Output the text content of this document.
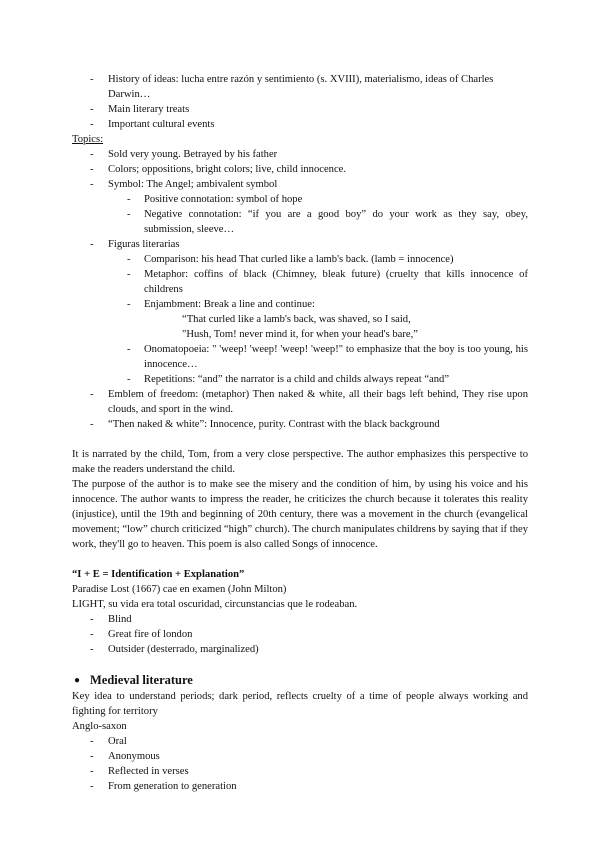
- History of ideas: lucha entre razón y sentimiento (s. XVIII), materialismo, ideas of Charles Darwin…
- Main literary treats
- Important cultural events
Topics:
- Sold very young. Betrayed by his father
- Colors; oppositions, bright colors; live, child innocence.
- Symbol: The Angel; ambivalent symbol
- Positive connotation: symbol of hope
- Negative connotation: “if you are a good boy” do your work as they say, obey, submission, sleeve…
- Figuras literarias
- Comparison: his head That curled like a lamb's back. (lamb = innocence)
- Metaphor: coffins of black (Chimney, bleak future) (cruelty that kills innocence of childrens
- Enjambment: Break a line and continue:
“That curled like a lamb's back, was shaved, so I said,
"Hush, Tom! never mind it, for when your head's bare,”
- Onomatopoeia: " 'weep! 'weep! 'weep! 'weep!" to emphasize that the boy is too young, his innocence…
- Repetitions: “and” the narrator is a child and childs always repeat “and”
- Emblem of freedom: (metaphor) Then naked & white, all their bags left behind, They rise upon clouds, and sport in the wind.
- “Then naked & white”: Innocence, purity. Contrast with the black background
It is narrated by the child, Tom, from a very close perspective. The author emphasizes this perspective to make the readers understand the child.
The purpose of the author is to make see the misery and the condition of him, by using his voice and his innocence. The author wants to impress the reader, he criticizes the church because it tolerates this reality (injustice), until the 19th and beginning of 20th century, there was a movement in the church (evangelical movement; “low” church criticized “high” church). The church manipulates childrens by saying that if they work, they'll go to heaven. This poem is also called Songs of innocence.
“I + E = Identification + Explanation”
Paradise Lost (1667) cae en examen (John Milton)
LIGHT, su vida era total oscuridad, circunstancias que le rodeaban.
- Blind
- Great fire of london
- Outsider (desterrado, marginalized)
● Medieval literature
Key idea to understand periods; dark period, reflects cruelty of a time of people always working and fighting for territory
Anglo-saxon
- Oral
- Anonymous
- Reflected in verses
- From generation to generation
